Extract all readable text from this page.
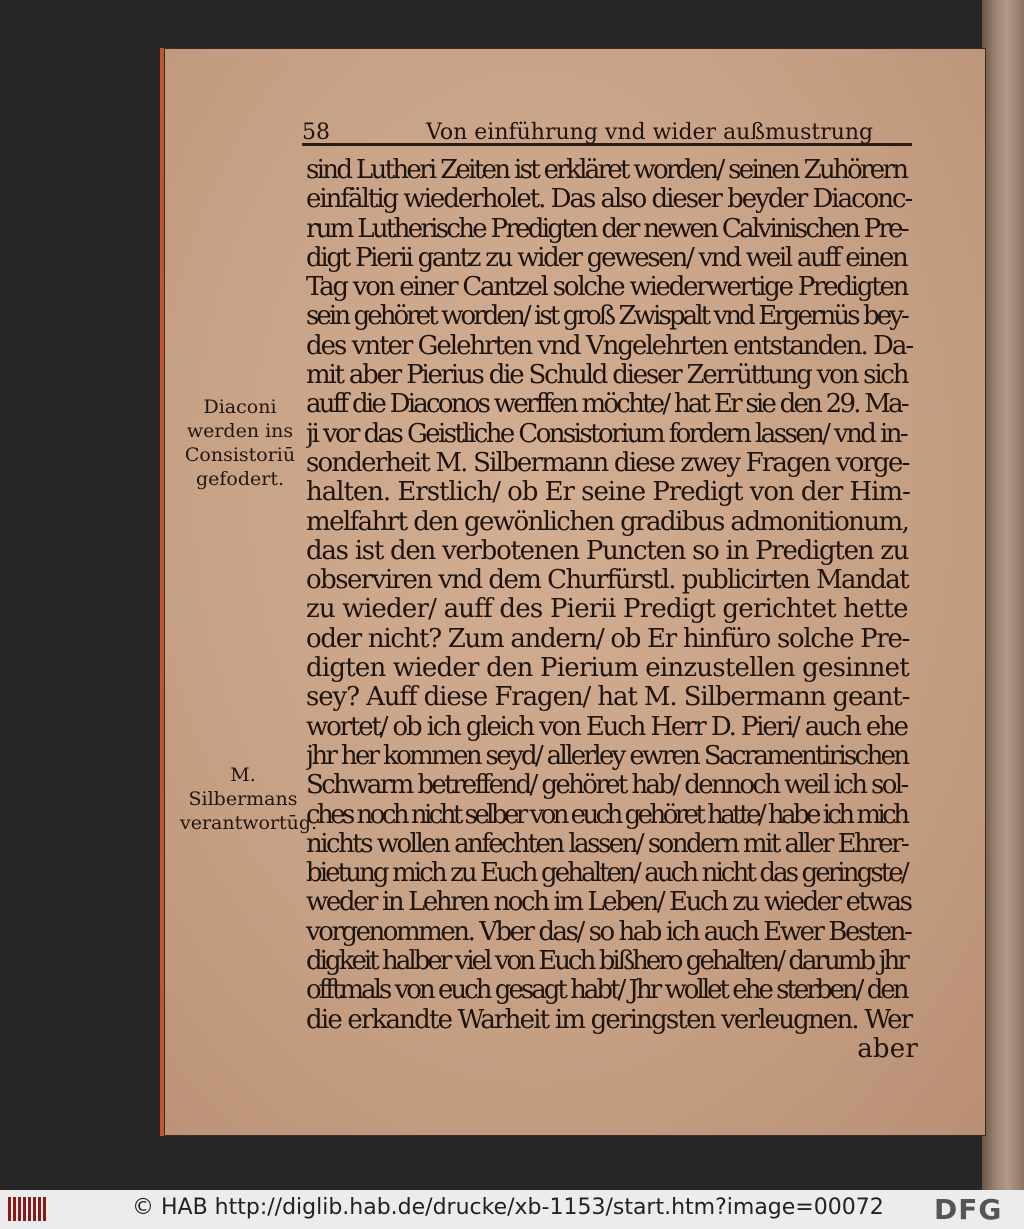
58	Von einführung vnd wider außmustrung
Diaconi werden ins Consistoriū gefodert.
M. Silbermans verantwortūg.
sind Lutheri Zeiten ist erkläret worden/ seinen Zuhörern
einfältig wiederholet. Das also dieser beyder Diaconc-
rum Lutherische Predigten der newen Calvinischen Pre-
digt Pierii gantz zu wider gewesen/ vnd weil auff einen
Tag von einer Cantzel solche wiederwertige Predigten
sein gehöret worden/ ist groß Zwispalt vnd Ergernüs bey-
des vnter Gelehrten vnd Vngelehrten entstanden. Da-
mit aber Pierius die Schuld dieser Zerrüttung von sich
auff die Diaconos werffen möchte/ hat Er sie den 29. Ma-
ji vor das Geistliche Consistorium fordern lassen/ vnd in-
sonderheit M. Silbermann diese zwey Fragen vorge-
halten. Erstlich/ ob Er seine Predigt von der Him-
melfahrt den gewönlichen gradibus admonitionum,
das ist den verbotenen Puncten so in Predigten zu
observiren vnd dem Churfürstl. publicirten Mandat
zu wieder/ auff des Pierii Predigt gerichtet hette
oder nicht? Zum andern/ ob Er hinfüro solche Pre-
digten wieder den Pierium einzustellen gesinnet
sey? Auff diese Fragen/ hat M. Silbermann geant-
wortet/ ob ich gleich von Euch Herr D. Pieri/ auch ehe
jhr her kommen seyd/ allerley ewren Sacramentirischen
Schwarm betreffend/ gehöret hab/ dennoch weil ich sol-
ches noch nicht selber von euch gehöret hatte/ habe ich mich
nichts wollen anfechten lassen/ sondern mit aller Ehrer-
bietung mich zu Euch gehalten/ auch nicht das geringste/
weder in Lehren noch im Leben/ Euch zu wieder etwas
vorgenommen. Vber das/ so hab ich auch Ewer Besten-
digkeit halber viel von Euch bißhero gehalten/ darumb jhr
offtmals von euch gesagt habt/ Jhr wollet ehe sterben/ den
die erkandte Warheit im geringsten verleugnen. Wer
aber
© HAB http://diglib.hab.de/drucke/xb-1153/start.htm?image=00072 DFG
